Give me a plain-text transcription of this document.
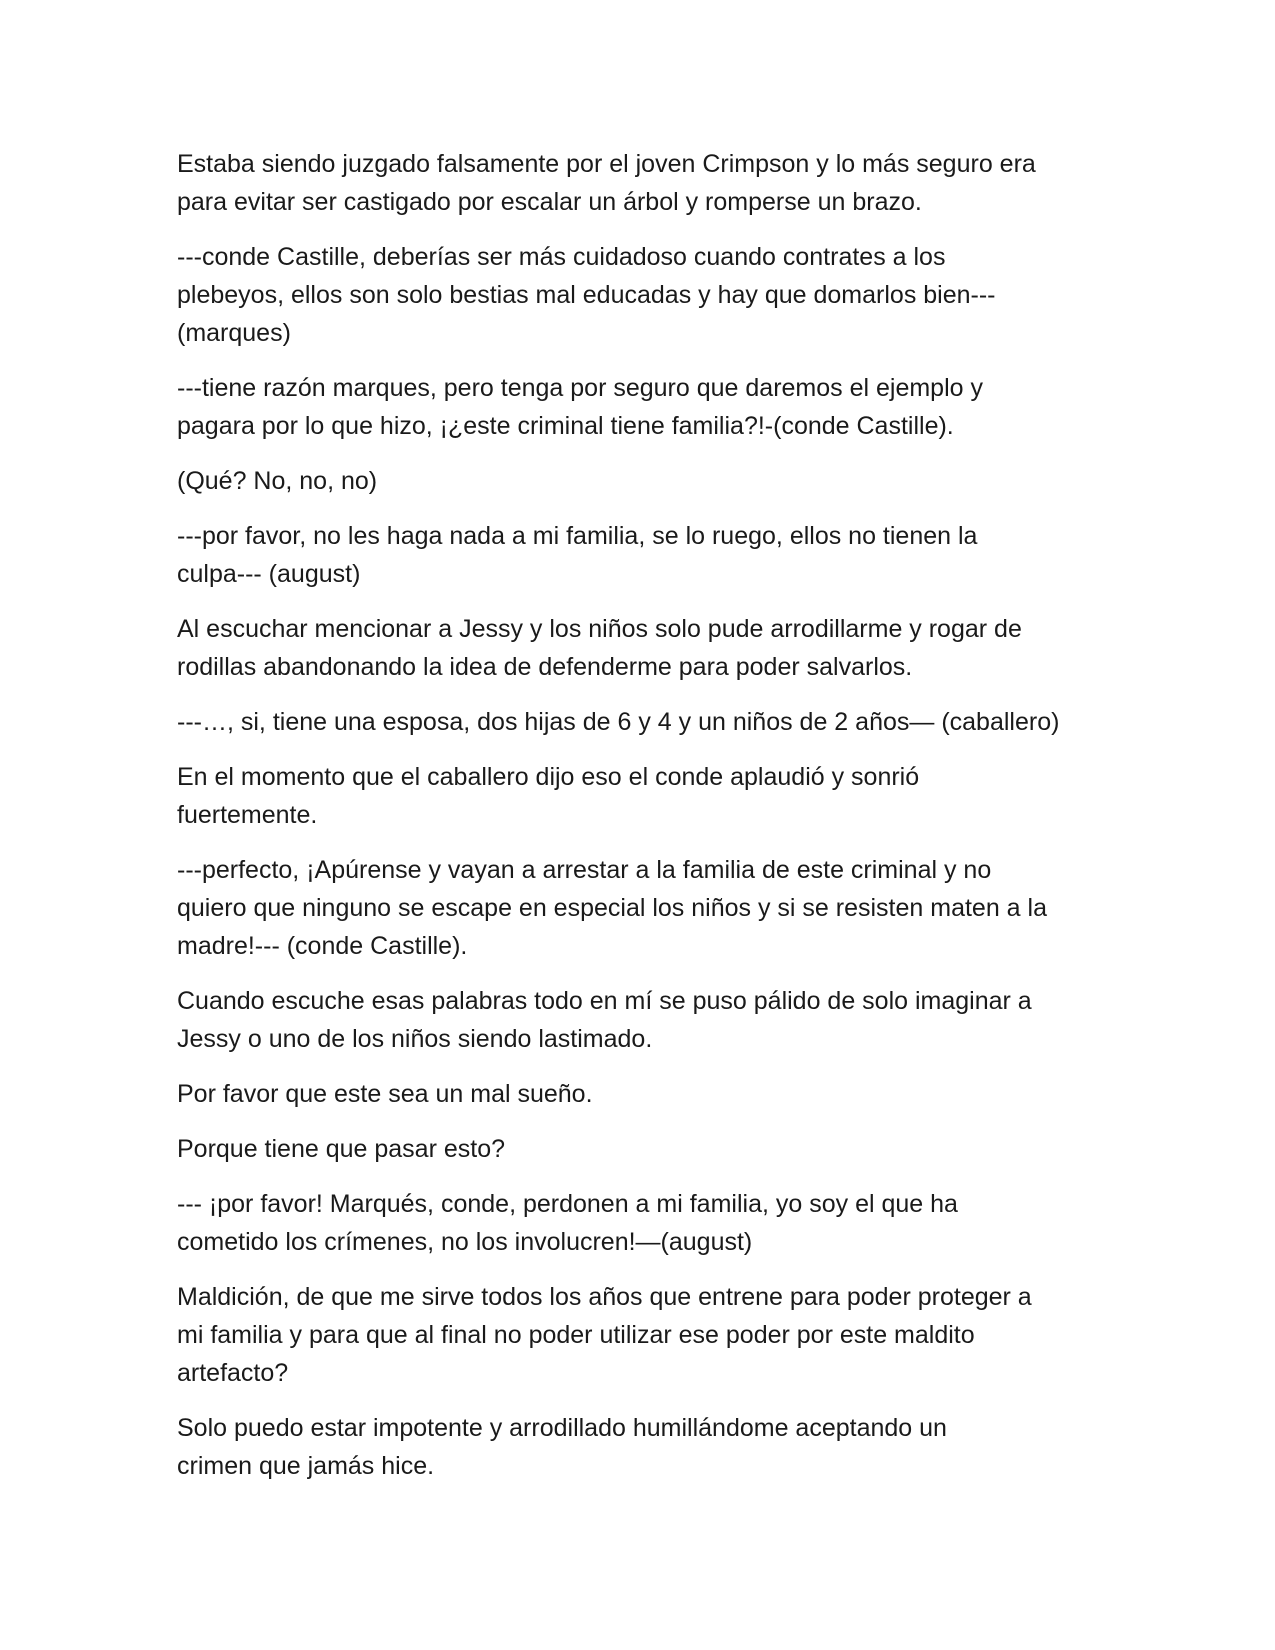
Estaba siendo juzgado falsamente por el joven Crimpson y lo más seguro era
para evitar ser castigado por escalar un árbol y romperse un brazo.

---conde Castille, deberías ser más cuidadoso cuando contrates a los
plebeyos, ellos son solo bestias mal educadas y hay que domarlos bien---
(marques)

---tiene razón marques, pero tenga por seguro que daremos el ejemplo y
pagara por lo que hizo, ¡¿este criminal tiene familia?!-(conde Castille).

(Qué? No, no, no)

---por favor, no les haga nada a mi familia, se lo ruego, ellos no tienen la
culpa--- (august)

Al escuchar mencionar a Jessy y los niños solo pude arrodillarme y rogar de
rodillas abandonando la idea de defenderme para poder salvarlos.

---…, si, tiene una esposa, dos hijas de 6 y 4 y un niños de 2 años— (caballero)

En el momento que el caballero dijo eso el conde aplaudió y sonrió
fuertemente.

---perfecto, ¡Apúrense y vayan a arrestar a la familia de este criminal y no
quiero que ninguno se escape en especial los niños y si se resisten maten a la
madre!--- (conde Castille).

Cuando escuche esas palabras todo en mí se puso pálido de solo imaginar a
Jessy o uno de los niños siendo lastimado.

Por favor que este sea un mal sueño.

Porque tiene que pasar esto?

--- ¡por favor! Marqués, conde, perdonen a mi familia, yo soy el que ha
cometido los crímenes, no los involucren!—(august)

Maldición, de que me sirve todos los años que entrene para poder proteger a
mi familia y para que al final no poder utilizar ese poder por este maldito
artefacto?

Solo puedo estar impotente y arrodillado humillándome aceptando un
crimen que jamás hice.
